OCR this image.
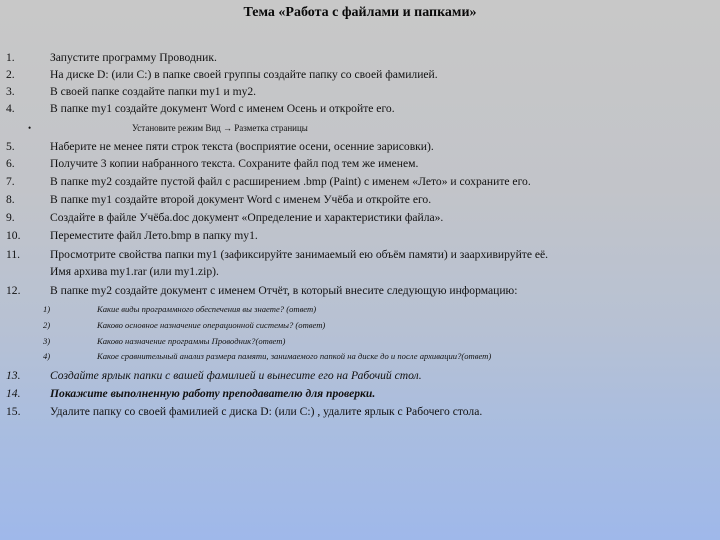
Тема «Работа с файлами и папками»
1.	Запустите программу Проводник.
2.	На диске D: (или С:) в папке своей группы создайте папку со своей фамилией.
3.	В своей папке создайте папки my1 и my2.
4.	В папке my1 создайте документ Word с именем Осень и откройте его.
•	Установите режим Вид → Разметка страницы
5.	Наберите не менее пяти строк текста (восприятие осени, осенние зарисовки).
6.	Получите 3 копии набранного текста. Сохраните файл под тем же именем.
7.	В папке my2 создайте пустой файл с расширением .bmp (Paint) с именем «Лето» и сохраните его.
8.	В папке my1 создайте второй документ Word с именем Учёба и откройте его.
9.	Создайте в файле Учёба.doc документ «Определение и характеристики файла».
10.	Переместите файл Лето.bmp в папку my1.
11.	Просмотрите свойства папки my1 (зафиксируйте занимаемый ею объём памяти) и заархивируйте её.
Имя архива my1.rar (или my1.zip).
12.	В папке my2 создайте документ с именем Отчёт, в который внесите следующую информацию:
1)	Какие виды программного обеспечения вы знаете? (ответ)
2)	Каково основное назначение операционной системы? (ответ)
3)	Каково назначение программы Проводник?(ответ)
4)	Какое сравнительный анализ размера памяти, занимаемого папкой на диске до и после архивации?(ответ)
13.	Создайте ярлык папки с вашей фамилией и вынесите его на Рабочий стол.
14.	Покажите выполненную работу преподавателю для проверки.
15.	Удалите папку со своей фамилией с диска D: (или С:) , удалите ярлык с Рабочего стола.
